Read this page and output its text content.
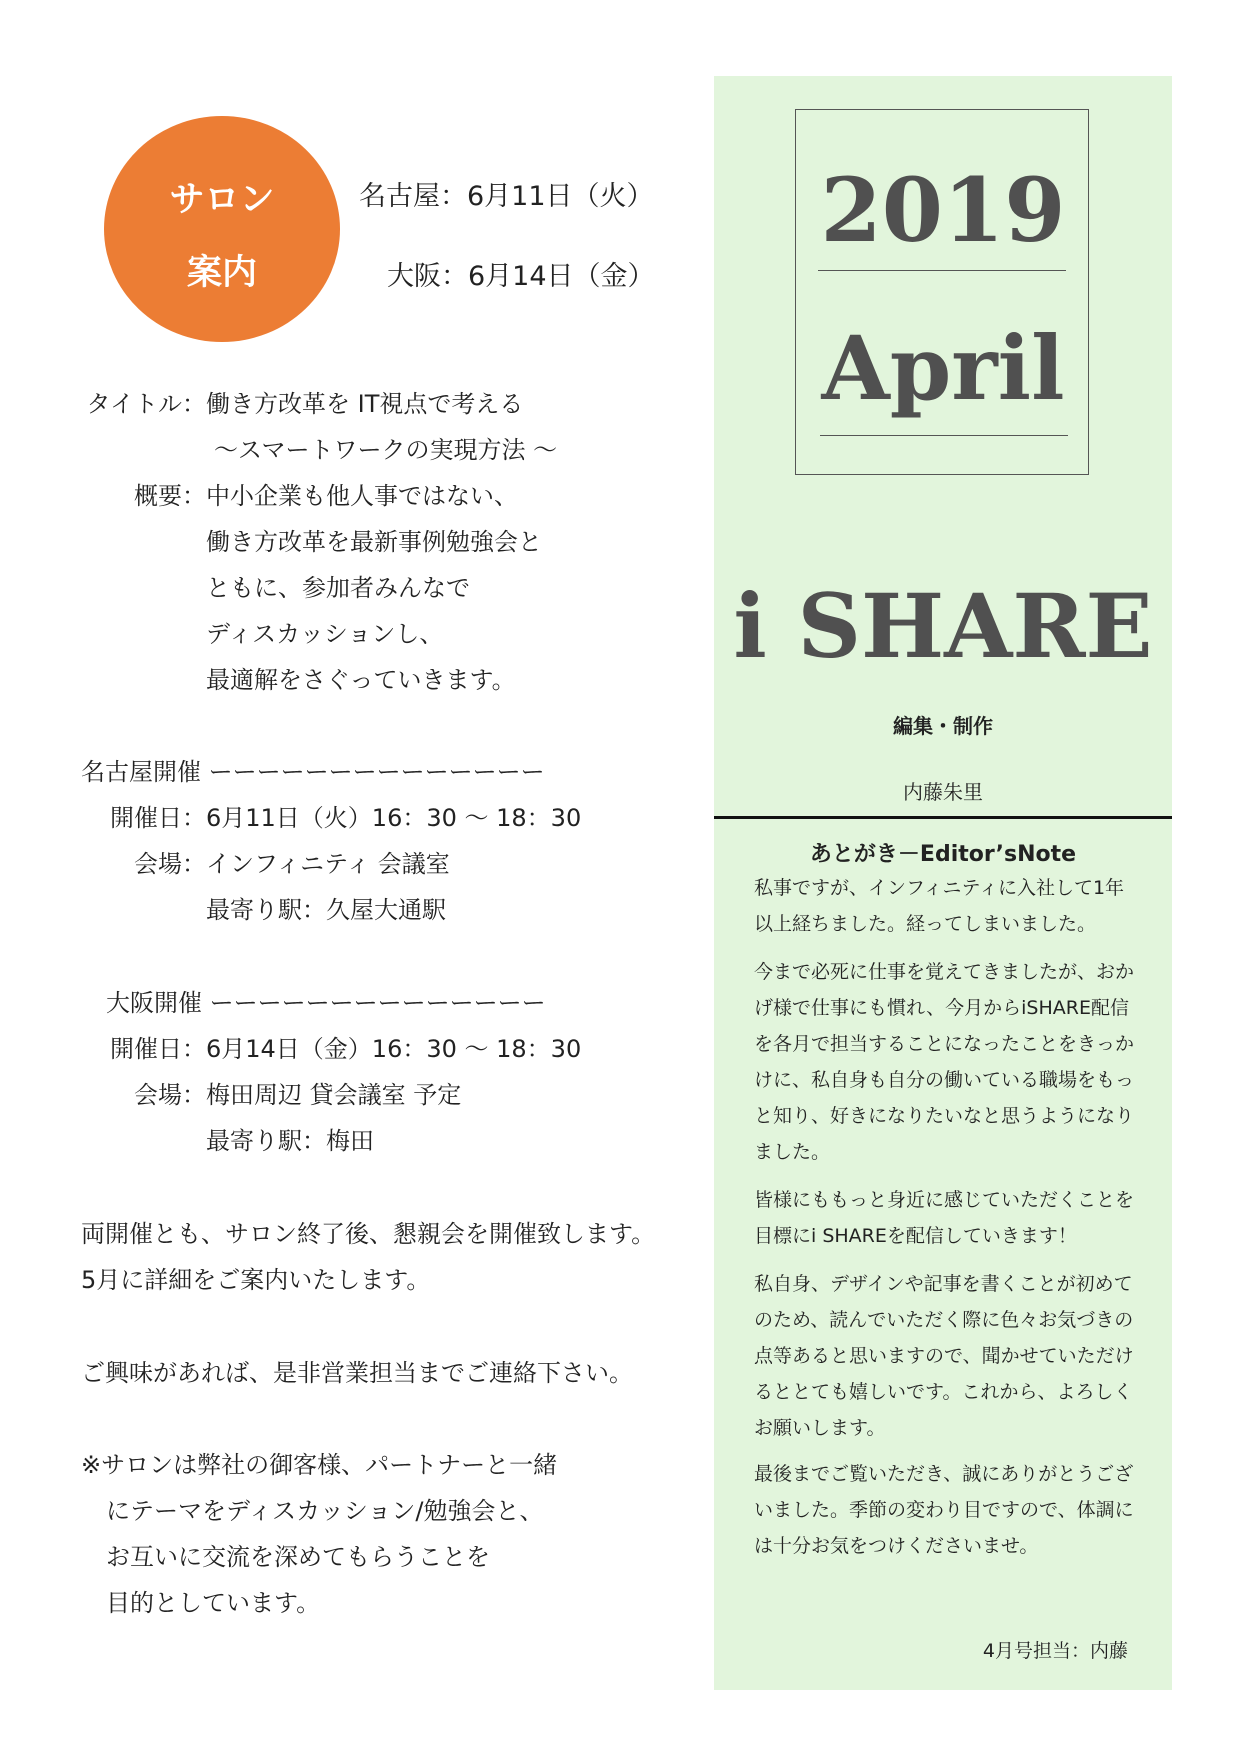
サロン
案内
名古屋：6月11日（火）
大阪：6月14日（金）
タイトル： 働き方改革を IT視点で考える
～スマートワークの実現方法 ～
概要： 中小企業も他人事ではない、
働き方改革を最新事例勉強会と
ともに、参加者みんなで
ディスカッションし、
最適解をさぐっていきます。
名古屋開催 ーーーーーーーーーーーーーー
開催日： 6月11日（火）16：30 ～ 18：30
会場： インフィニティ 会議室
最寄り駅：久屋大通駅
大阪開催 ーーーーーーーーーーーーーー
開催日： 6月14日（金）16：30 ～ 18：30
会場： 梅田周辺 貸会議室 予定
最寄り駅：梅田
両開催とも、サロン終了後、懇親会を開催致します。
5月に詳細をご案内いたします。
ご興味があれば、是非営業担当までご連絡下さい。
※サロンは弊社の御客様、パートナーと一緒
にテーマをディスカッション/勉強会と、
お互いに交流を深めてもらうことを
目的としています。
2019
April
i SHARE
編集・制作
内藤朱里
あとがき－Editor’sNote
私事ですが、インフィニティに入社して1年
以上経ちました。経ってしまいました。
今まで必死に仕事を覚えてきましたが、おか
げ様で仕事にも慣れ、今月からiSHARE配信
を各月で担当することになったことをきっか
けに、私自身も自分の働いている職場をもっ
と知り、好きになりたいなと思うようになり
ました。
皆様にももっと身近に感じていただくことを
目標にi SHAREを配信していきます！
私自身、デザインや記事を書くことが初めて
のため、読んでいただく際に色々お気づきの
点等あると思いますので、聞かせていただけ
るととても嬉しいです。これから、よろしく
お願いします。
最後までご覧いただき、誠にありがとうござ
いました。季節の変わり目ですので、体調に
は十分お気をつけくださいませ。
4月号担当：内藤
